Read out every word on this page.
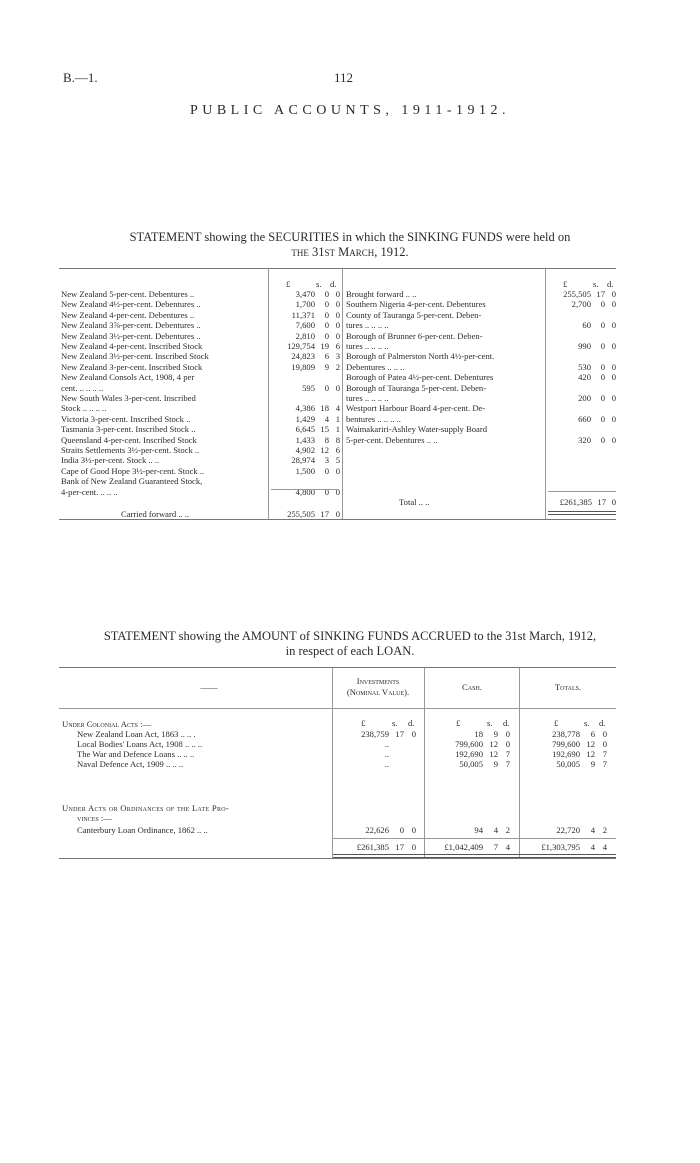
B.—1.	112
PUBLIC ACCOUNTS, 1911-1912.
STATEMENT showing the SECURITIES in which the SINKING FUNDS were held on
the 31st March, 1912.
£	s. d.	£	s. d.
New Zealand 5-per-cent. Debentures ..	3,470	0 0
New Zealand 4½-per-cent. Debentures ..	1,700	0 0
New Zealand 4-per-cent. Debentures ..	11,371	0 0
New Zealand 3⅞-per-cent. Debentures ..	7,600	0 0
New Zealand 3½-per-cent. Debentures ..	2,810	0 0
New Zealand 4-per-cent. Inscribed Stock	129,754 19 6
New Zealand 3½-per-cent. Inscribed Stock	24,823	6 3
New Zealand 3-per-cent. Inscribed Stock	19,809	9 2
New Zealand Consols Act, 1908, 4 per
cent. .. .. .. ..	595	0 0
New South Wales 3-per-cent. Inscribed
Stock .. .. .. ..	4,386 18 4
Victoria 3-per-cent. Inscribed Stock ..	1,429	4 1
Tasmania 3-per-cent. Inscribed Stock ..	6,645 15 1
Queensland 4-per-cent. Inscribed Stock	1,433	8 8
Straits Settlements 3½-per-cent. Stock ..	4,902 12 6
India 3½-per-cent. Stock .. ..	28,974	3 5
Cape of Good Hope 3½-per-cent. Stock ..	1,500	0 0
Bank of New Zealand Guaranteed Stock,
4-per-cent. .. .. ..	4,800	0 0
Brought forward .. ..	255,505 17 0
Southern Nigeria 4-per-cent. Debentures	2,700	0 0
County of Tauranga 5-per-cent. Deben-
tures .. .. .. ..	60	0 0
Borough of Brunner 6-per-cent. Deben-
tures .. .. .. ..	990	0 0
Borough of Palmerston North 4½-per-cent.
Debentures .. .. ..	530	0 0
Borough of Patea 4½-per-cent. Debentures	420	0 0
Borough of Tauranga 5-per-cent. Deben-
tures .. .. .. ..	200	0 0
Westport Harbour Board 4-per-cent. De-
bentures .. .. .. ..	660	0 0
Waimakariri-Ashley Water-supply Board
5-per-cent. Debentures .. ..	320	0 0
Carried forward .. ..	255,505 17 0
Total .. ..	£261,385 17 0
STATEMENT showing the AMOUNT of SINKING FUNDS ACCRUED to the 31st March, 1912,
in respect of each LOAN.
——
Investments
(Nominal Value).	Cash.	Totals.
£	s. d.	£	s. d.	£	s. d.
Under Colonial Acts :—
New Zealand Loan Act, 1863 .. .. .	238,759 17 0	18	9 0	238,778	6 0
Local Bodies' Loans Act, 1908 .. .. ..	..	799,600 12 0	799,600 12 0
The War and Defence Loans .. .. ..	..	192,690 12 7	192,690 12 7
Naval Defence Act, 1909 .. .. ..	..	50,005	9 7	50,005	9 7
Under Acts or Ordinances of the Late Pro-
vinces :—
Canterbury Loan Ordinance, 1862 .. ..	22,626	0 0	94	4 2	22,720	4 2
£261,385 17 0	£1,042,409	7 4	£1,303,795	4 4
